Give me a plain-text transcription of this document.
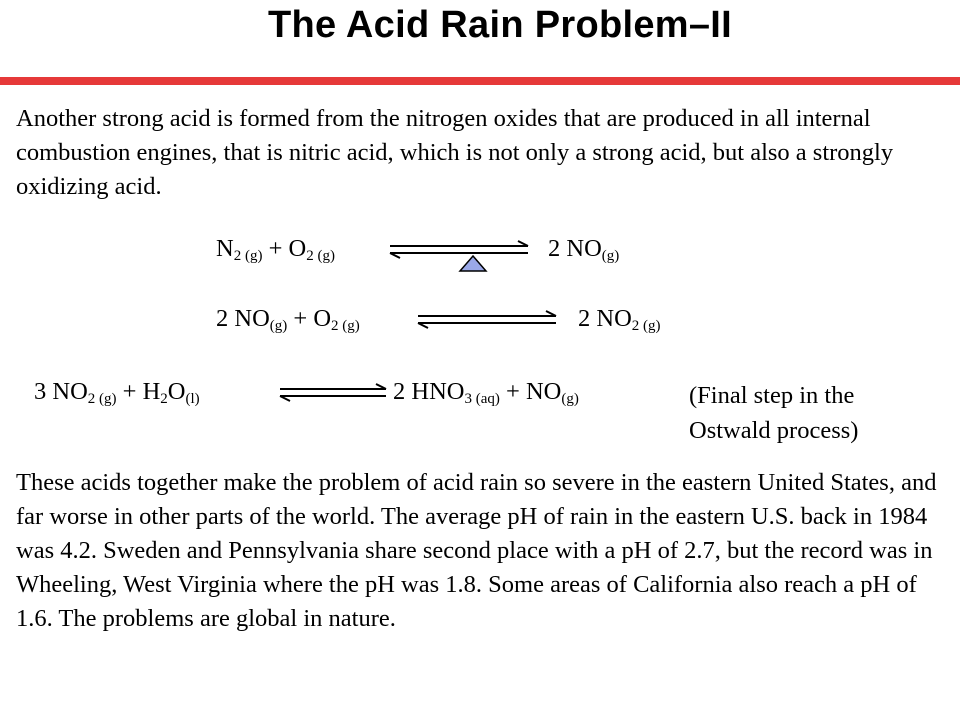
The Acid Rain Problem–II

Another strong acid is formed from the nitrogen oxides that are produced in all internal combustion engines, that is nitric acid, which is not only a strong acid, but also a strongly oxidizing acid.

$N_{2 (g)} + O_{2 (g)}$	2 $NO_{(g)}$
2 $NO_{(g)} + O_{2 (g)}$	2 $NO_{2 (g)}$
3 $NO_{2 (g)} + H_2O_{(l)}$	2 $HNO_{3 (aq)} + NO_{(g)}$	(Final step in the
Ostwald process)

These acids together make the problem of acid rain so severe in the eastern United States, and far worse in other parts of the world. The average pH of rain in the eastern U.S. back in 1984 was 4.2. Sweden and Pennsylvania share second place with a pH of 2.7, but the record was in Wheeling, West Virginia where the pH was 1.8. Some areas of California also reach a pH of 1.6. The problems are global in nature.
